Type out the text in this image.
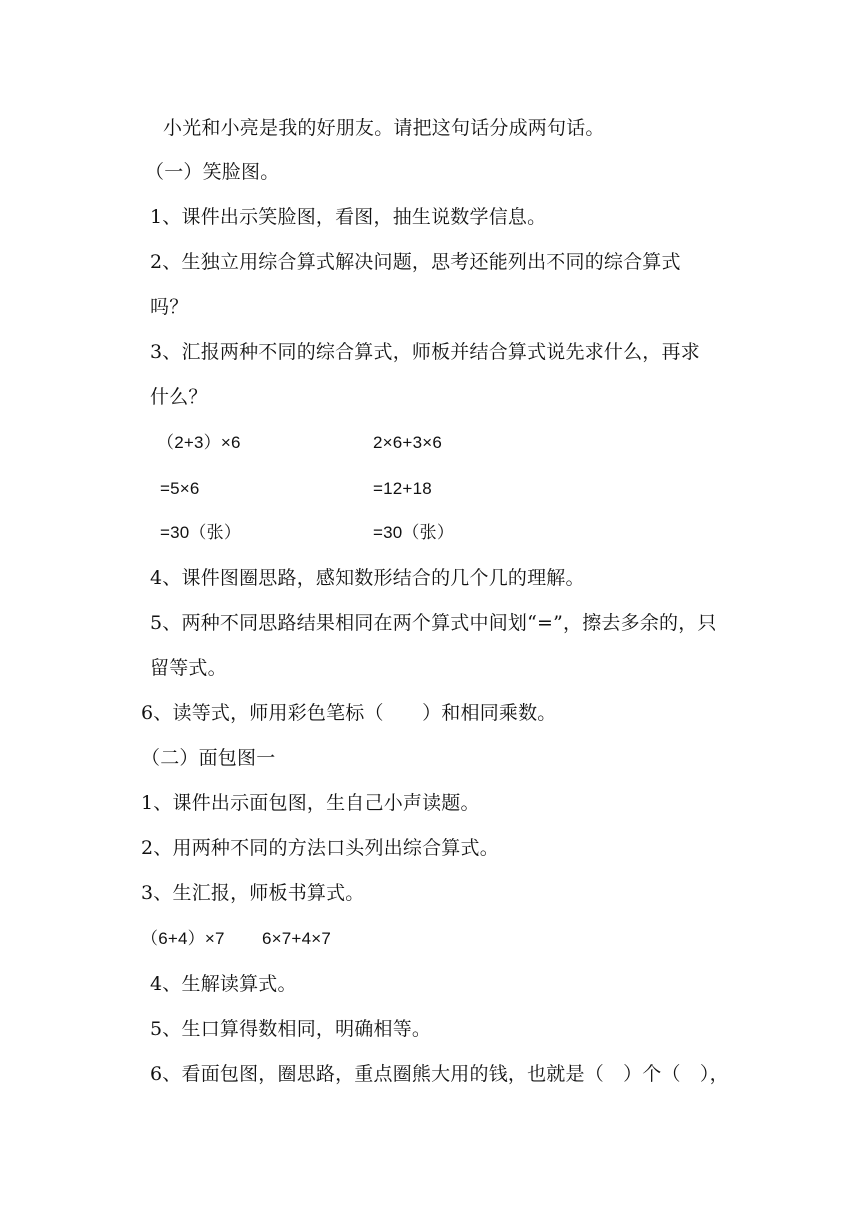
小光和小亮是我的好朋友。请把这句话分成两句话。
（一）笑脸图。
1、课件出示笑脸图，看图，抽生说数学信息。
2、生独立用综合算式解决问题，思考还能列出不同的综合算式
吗？
3、汇报两种不同的综合算式，师板并结合算式说先求什么，再求
什么？
（2+3）×6	2×6+3×6
=5×6	=12+18
=30（张）	=30（张）
4、课件图圈思路，感知数形结合的几个几的理解。
5、两种不同思路结果相同在两个算式中间划“=”，擦去多余的，只
留等式。
6、读等式，师用彩色笔标（　　）和相同乘数。
（二）面包图一
1、课件出示面包图，生自己小声读题。
2、用两种不同的方法口头列出综合算式。
3、生汇报，师板书算式。
（6+4）×7 6×7+4×7
4、生解读算式。
5、生口算得数相同，明确相等。
6、看面包图，圈思路，重点圈熊大用的钱，也就是（　）个（　），
